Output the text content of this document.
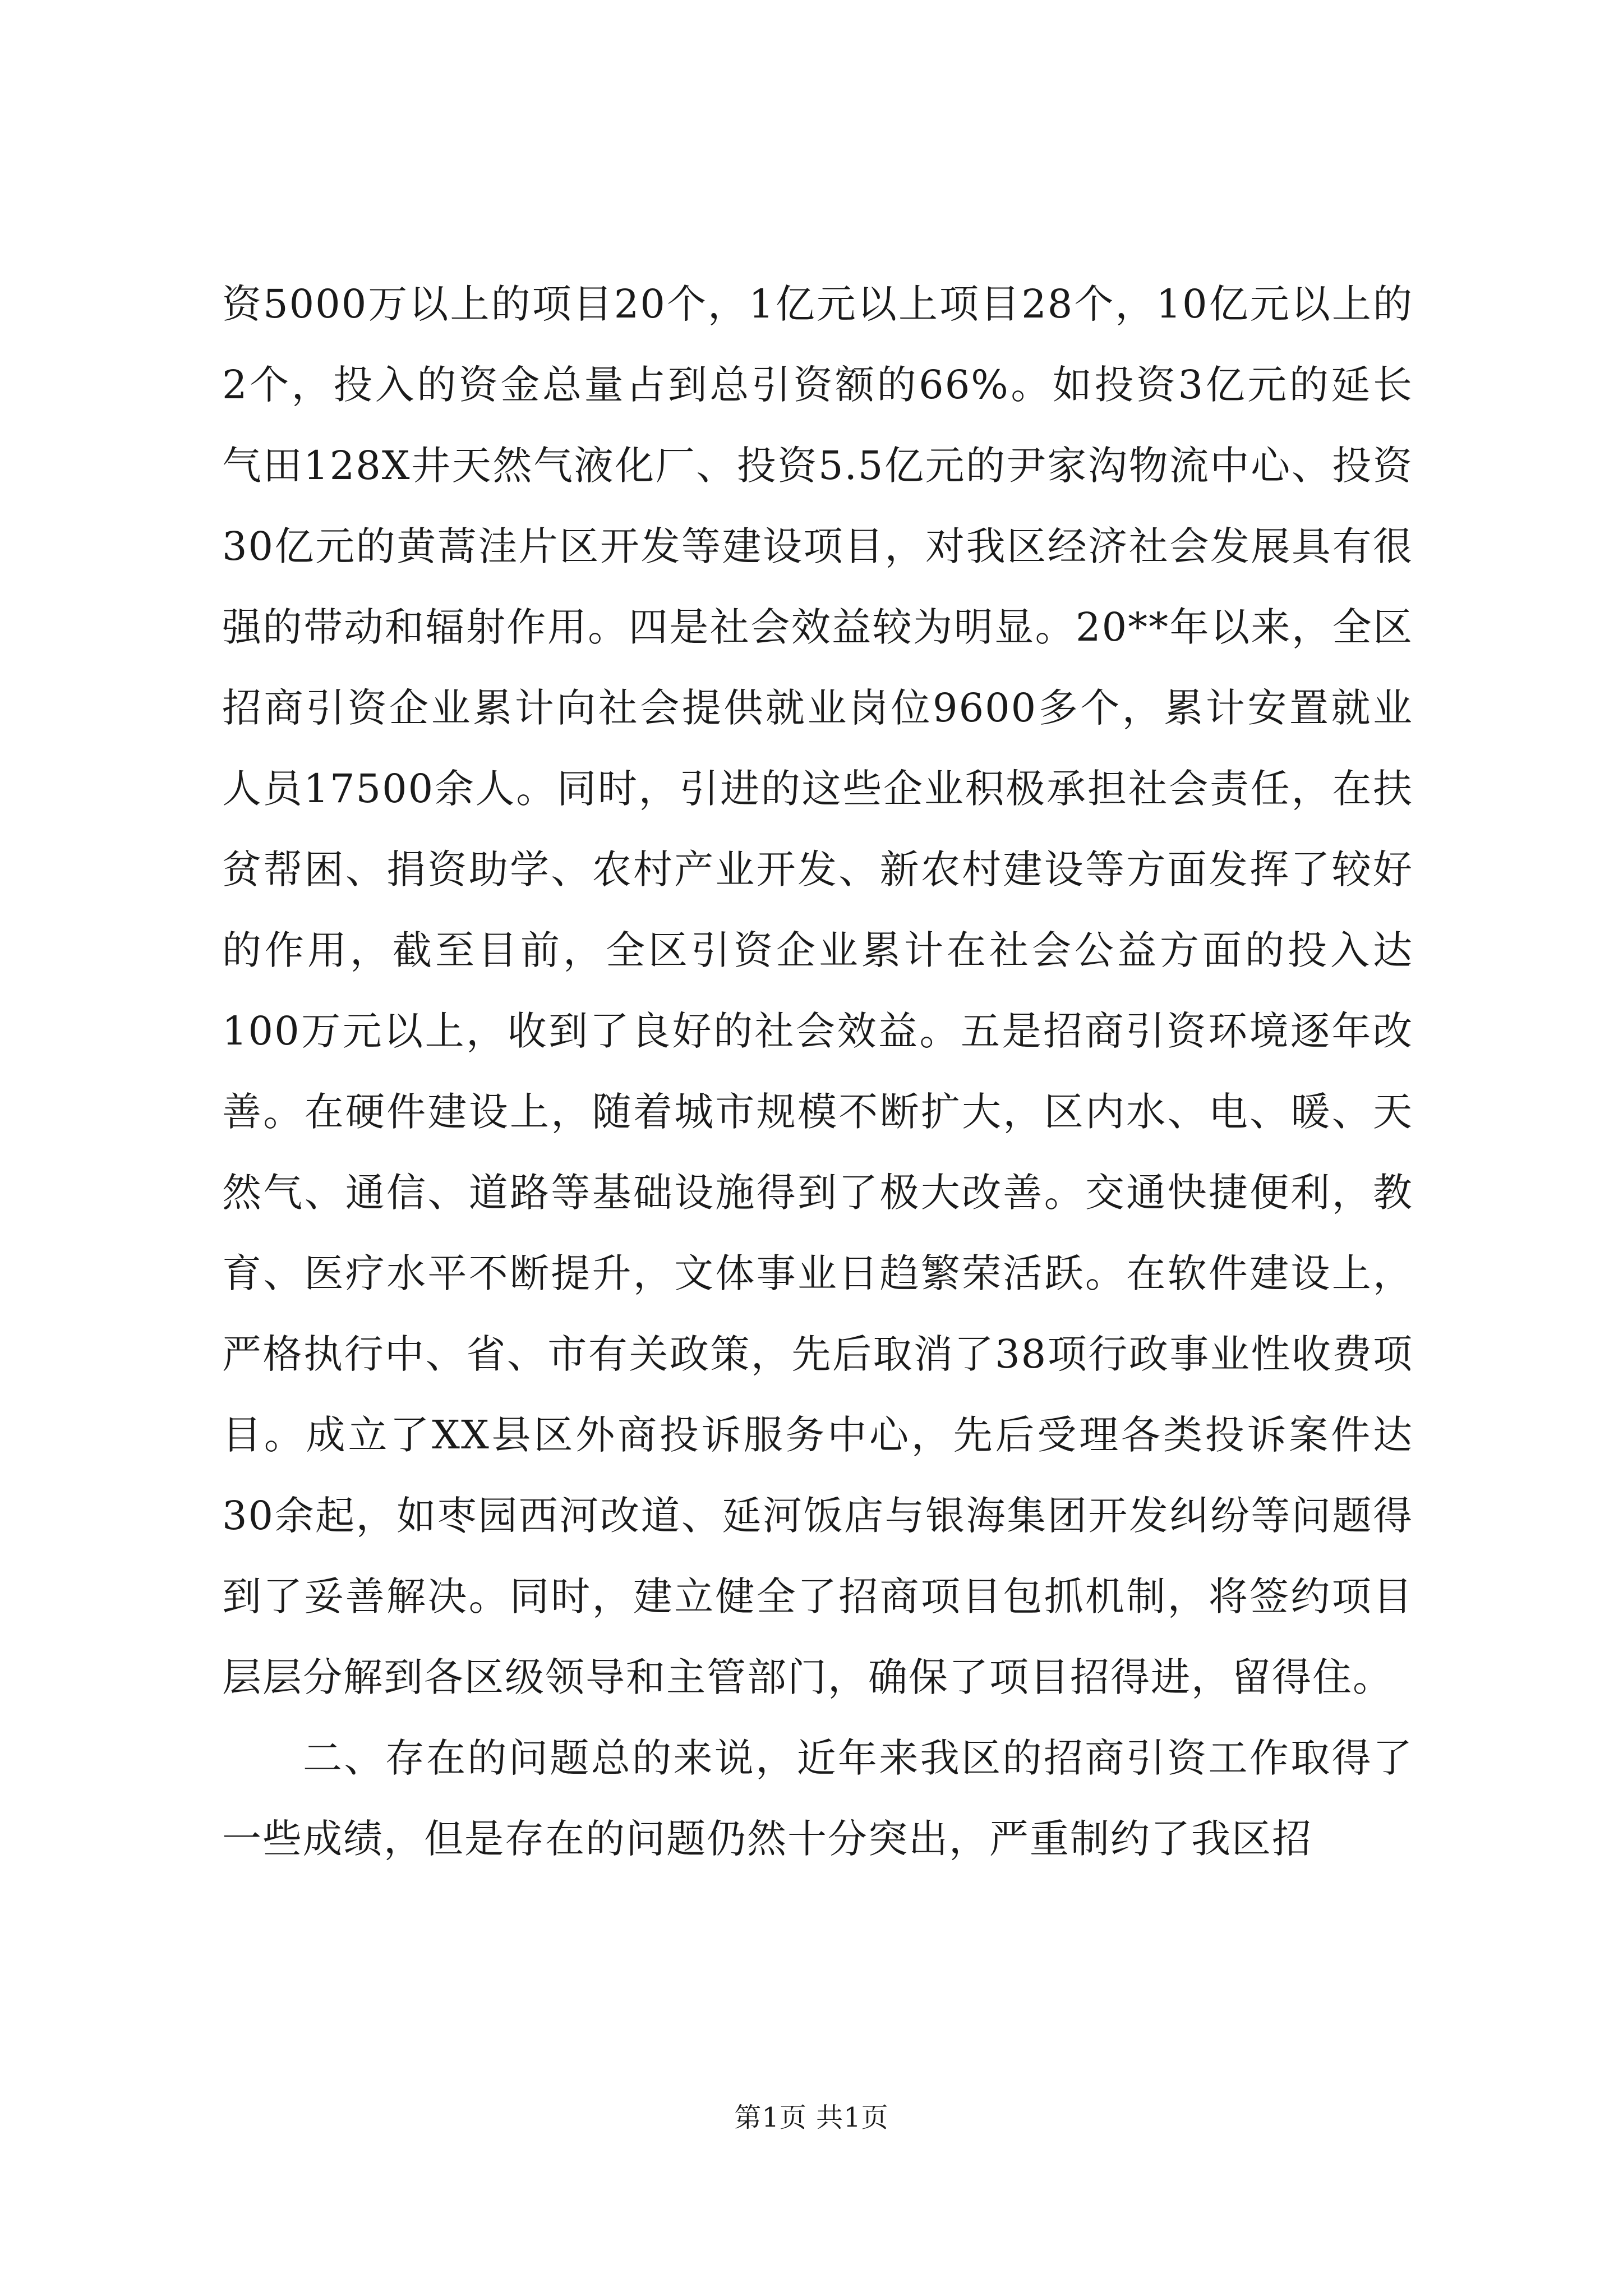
资5000万以上的项目20个，1亿元以上项目28个，10亿元以上的2个，投入的资金总量占到总引资额的66%。如投资3亿元的延长气田128X井天然气液化厂、投资5.5亿元的尹家沟物流中心、投资30亿元的黄蒿洼片区开发等建设项目，对我区经济社会发展具有很强的带动和辐射作用。四是社会效益较为明显。20**年以来，全区招商引资企业累计向社会提供就业岗位9600多个，累计安置就业人员17500余人。同时，引进的这些企业积极承担社会责任，在扶贫帮困、捐资助学、农村产业开发、新农村建设等方面发挥了较好的作用，截至目前，全区引资企业累计在社会公益方面的投入达100万元以上，收到了良好的社会效益。五是招商引资环境逐年改善。在硬件建设上，随着城市规模不断扩大，区内水、电、暖、天然气、通信、道路等基础设施得到了极大改善。交通快捷便利，教育、医疗水平不断提升，文体事业日趋繁荣活跃。在软件建设上，严格执行中、省、市有关政策，先后取消了38项行政事业性收费项目。成立了XX县区外商投诉服务中心，先后受理各类投诉案件达30余起，如枣园西河改道、延河饭店与银海集团开发纠纷等问题得到了妥善解决。同时，建立健全了招商项目包抓机制，将签约项目层层分解到各区级领导和主管部门，确保了项目招得进，留得住。

二、存在的问题总的来说，近年来我区的招商引资工作取得了一些成绩，但是存在的问题仍然十分突出，严重制约了我区招

第1页 共1页
